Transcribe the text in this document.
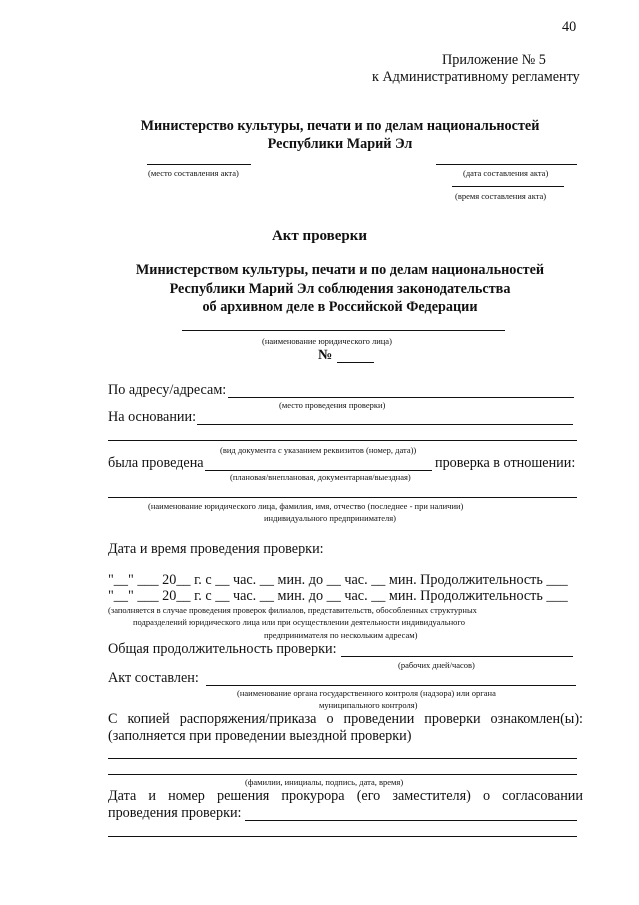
40
Приложение № 5
к Административному регламенту
Министерство культуры, печати и по делам национальностей
Республики Марий Эл
(место составления акта)	(дата составления акта)
(время составления акта)
Акт проверки
Министерством культуры, печати и по делам национальностей
Республики Марий Эл соблюдения законодательства
об архивном деле в Российской Федерации
(наименование юридического лица)
№
По адресу/адресам:
(место проведения проверки)
На основании:
(вид документа с указанием реквизитов (номер, дата))
была проведена	проверка в отношении:
(плановая/внеплановая, документарная/выездная)
(наименование юридического лица, фамилия, имя, отчество (последнее - при наличии)
индивидуального предпринимателя)
Дата и время проведения проверки:
"__" ___ 20__ г. с __ час. __ мин. до __ час. __ мин. Продолжительность ___
"__" ___ 20__ г. с __ час. __ мин. до __ час. __ мин. Продолжительность ___
(заполняется в случае проведения проверок филиалов, представительств, обособленных структурных
подразделений юридического лица или при осуществлении деятельности индивидуального
предпринимателя по нескольким адресам)
Общая продолжительность проверки:
(рабочих дней/часов)
Акт составлен:
(наименование органа государственного контроля (надзора) или органа
муниципального контроля)
С копией распоряжения/приказа о проведении проверки ознакомлен(ы):
(заполняется при проведении выездной проверки)
(фамилии, инициалы, подпись, дата, время)
Дата и номер решения прокурора (его заместителя) о согласовании
проведения проверки:
